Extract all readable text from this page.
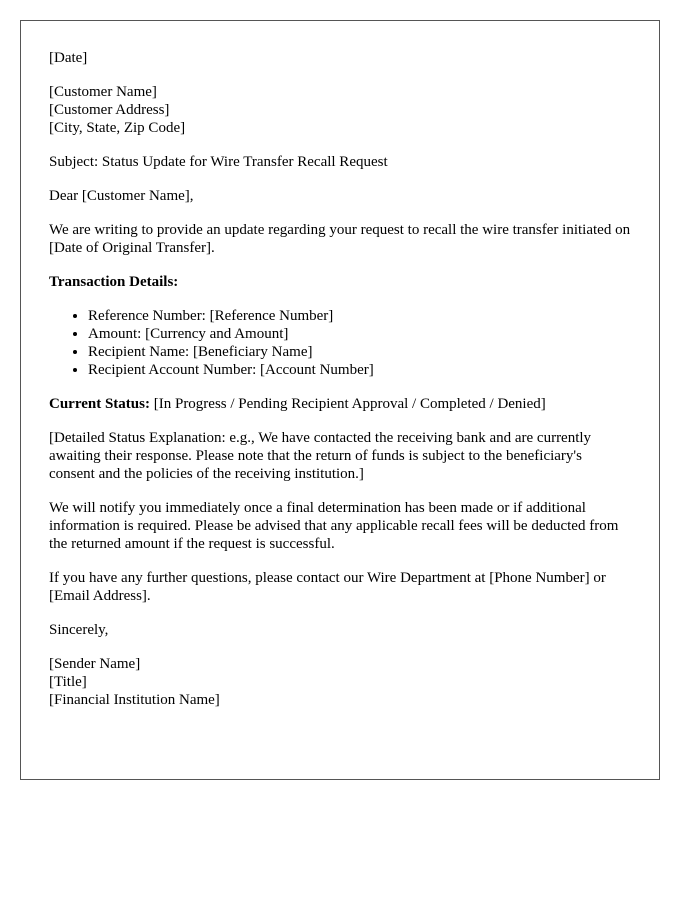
[Date]
[Customer Name]
[Customer Address]
[City, State, Zip Code]

Subject: Status Update for Wire Transfer Recall Request

Dear [Customer Name],

We are writing to provide an update regarding your request to recall the wire transfer initiated on [Date of Original Transfer].

Transaction Details:

• Reference Number: [Reference Number]
• Amount: [Currency and Amount]
• Recipient Name: [Beneficiary Name]
• Recipient Account Number: [Account Number]

Current Status: [In Progress / Pending Recipient Approval / Completed / Denied]

[Detailed Status Explanation: e.g., We have contacted the receiving bank and are currently awaiting their response. Please note that the return of funds is subject to the beneficiary's consent and the policies of the receiving institution.]

We will notify you immediately once a final determination has been made or if additional information is required. Please be advised that any applicable recall fees will be deducted from the returned amount if the request is successful.

If you have any further questions, please contact our Wire Department at [Phone Number] or [Email Address].

Sincerely,

[Sender Name]
[Title]
[Financial Institution Name]
